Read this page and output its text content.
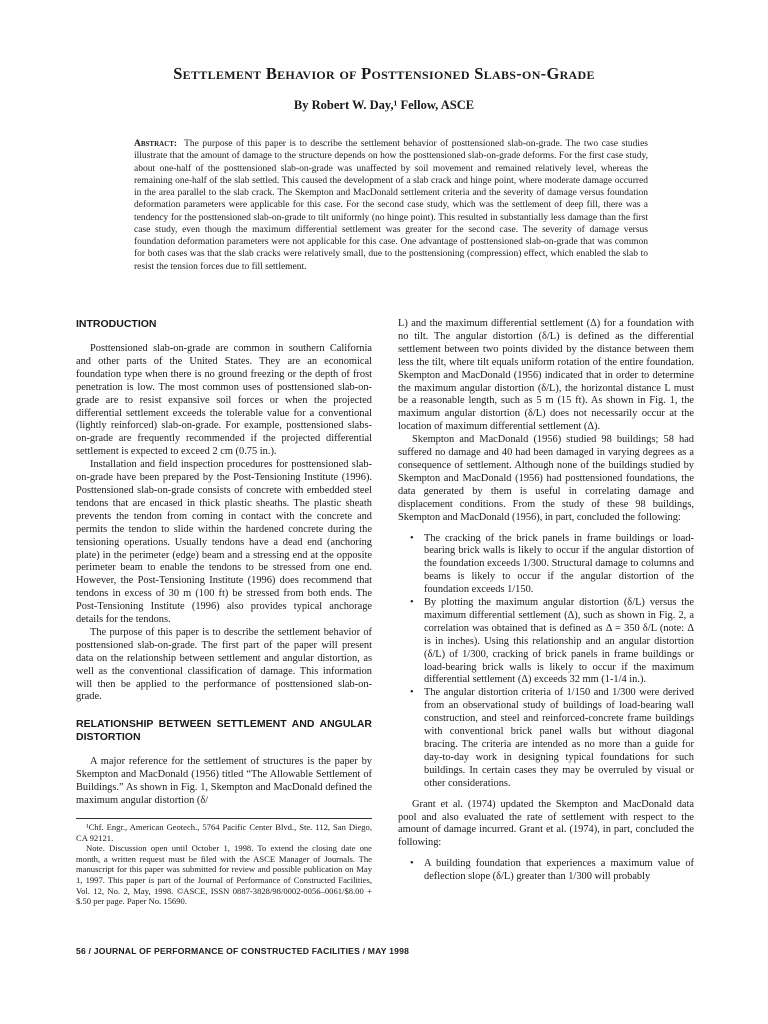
Settlement Behavior of Posttensioned Slabs-on-Grade
By Robert W. Day,¹ Fellow, ASCE
Abstract: The purpose of this paper is to describe the settlement behavior of posttensioned slab-on-grade. The two case studies illustrate that the amount of damage to the structure depends on how the posttensioned slab-on-grade deforms. For the first case study, about one-half of the posttensioned slab-on-grade was unaffected by soil movement and remained relatively level, whereas the remaining one-half of the slab settled. This caused the development of a slab crack and hinge point, where moderate damage occurred in the area parallel to the slab crack. The Skempton and MacDonald settlement criteria and the severity of damage versus foundation deformation parameters were applicable for this case. For the second case study, which was the settlement of deep fill, there was a tendency for the posttensioned slab-on-grade to tilt uniformly (no hinge point). This resulted in substantially less damage than the first case study, even though the maximum differential settlement was greater for the second case. The severity of damage versus foundation deformation parameters were not applicable for this case. One advantage of posttensioned slab-on-grade that was common for both cases was that the slab cracks were relatively small, due to the posttensioning (compression) effect, which enabled the slab to resist the tension forces due to fill settlement.
INTRODUCTION

Posttensioned slab-on-grade are common in southern California and other parts of the United States. They are an economical foundation type when there is no ground freezing or the depth of frost penetration is low. The most common uses of posttensioned slab-on-grade are to resist expansive soil forces or when the projected differential settlement exceeds the tolerable value for a conventional (lightly reinforced) slab-on-grade. For example, posttensioned slabs-on-grade are frequently recommended if the projected differential settlement is expected to exceed 2 cm (0.75 in.).

Installation and field inspection procedures for posttensioned slab-on-grade have been prepared by the Post-Tensioning Institute (1996). Posttensioned slab-on-grade consists of concrete with embedded steel tendons that are encased in thick plastic sheaths. The plastic sheath prevents the tendon from coming in contact with the concrete and permits the tendon to slide within the hardened concrete during the tensioning operations. Usually tendons have a dead end (anchoring plate) in the perimeter (edge) beam and a stressing end at the opposite perimeter beam to enable the tendons to be stressed from one end. However, the Post-Tensioning Institute (1996) does recommend that tendons in excess of 30 m (100 ft) be stressed from both ends. The Post-Tensioning Institute (1996) also provides typical anchorage details for the tendons.

The purpose of this paper is to describe the settlement behavior of posttensioned slab-on-grade. The first part of the paper will present data on the relationship between settlement and angular distortion, as well as the conventional classification of damage. This information will then be applied to the performance of posttensioned slab-on-grade.

RELATIONSHIP BETWEEN SETTLEMENT AND ANGULAR DISTORTION

A major reference for the settlement of structures is the paper by Skempton and MacDonald (1956) titled “The Allowable Settlement of Buildings.” As shown in Fig. 1, Skempton and MacDonald defined the maximum angular distortion (δ/

¹Chf. Engr., American Geotech., 5764 Pacific Center Blvd., Ste. 112, San Diego, CA 92121.

Note. Discussion open until October 1, 1998. To extend the closing date one month, a written request must be filed with the ASCE Manager of Journals. The manuscript for this paper was submitted for review and possible publication on May 1, 1997. This paper is part of the Journal of Performance of Constructed Facilities, Vol. 12, No. 2, May, 1998. ©ASCE, ISSN 0887-3828/98/0002-0056–0061/$8.00 + $.50 per page. Paper No. 15690.

L) and the maximum differential settlement (Δ) for a foundation with no tilt. The angular distortion (δ/L) is defined as the differential settlement between two points divided by the distance between them less the tilt, where tilt equals uniform rotation of the entire foundation. Skempton and MacDonald (1956) indicated that in order to determine the maximum angular distortion (δ/L), the horizontal distance L must be a reasonable length, such as 5 m (15 ft). As shown in Fig. 1, the maximum angular distortion (δ/L) does not necessarily occur at the location of maximum differential settlement (Δ).

Skempton and MacDonald (1956) studied 98 buildings; 58 had suffered no damage and 40 had been damaged in varying degrees as a consequence of settlement. Although none of the buildings studied by Skempton and MacDonald (1956) had posttensioned foundations, the data generated by them is useful in correlating damage and displacement conditions. From the study of these 98 buildings, Skempton and MacDonald (1956), in part, concluded the following:

• The cracking of the brick panels in frame buildings or load-bearing brick walls is likely to occur if the angular distortion of the foundation exceeds 1/300. Structural damage to columns and beams is likely to occur if the angular distortion of the foundation exceeds 1/150.
• By plotting the maximum angular distortion (δ/L) versus the maximum differential settlement (Δ), such as shown in Fig. 2, a correlation was obtained that is defined as Δ = 350 δ/L (note: Δ is in inches). Using this relationship and an angular distortion (δ/L) of 1/300, cracking of brick panels in frame buildings or load-bearing brick walls is likely to occur if the maximum differential settlement (Δ) exceeds 32 mm (1-1/4 in.).
• The angular distortion criteria of 1/150 and 1/300 were derived from an observational study of buildings of load-bearing wall construction, and steel and reinforced-concrete frame buildings with conventional brick panel walls but without diagonal bracing. The criteria are intended as no more than a guide for day-to-day work in designing typical foundations for such buildings. In certain cases they may be overruled by visual or other considerations.

Grant et al. (1974) updated the Skempton and MacDonald data pool and also evaluated the rate of settlement with respect to the amount of damage incurred. Grant et al. (1974), in part, concluded the following:

• A building foundation that experiences a maximum value of deflection slope (δ/L) greater than 1/300 will probably
56 / JOURNAL OF PERFORMANCE OF CONSTRUCTED FACILITIES / MAY 1998
